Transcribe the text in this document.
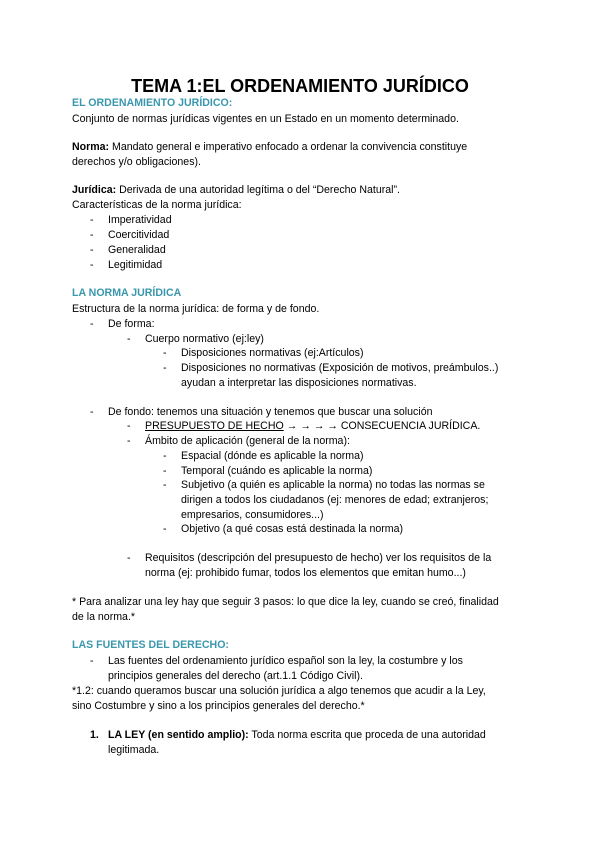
TEMA 1:EL ORDENAMIENTO JURÍDICO
EL ORDENAMIENTO JURÍDICO:
Conjunto de normas jurídicas vigentes en un Estado en un momento determinado.
Norma: Mandato general e imperativo enfocado a ordenar la convivencia constituye
derechos y/o obligaciones).
Jurídica: Derivada de una autoridad legítima o del “Derecho Natural”.
Características de la norma jurídica:
- Imperatividad
- Coercitividad
- Generalidad
- Legitimidad
LA NORMA JURÍDICA
Estructura de la norma jurídica: de forma y de fondo.
- De forma:
- Cuerpo normativo (ej:ley)
- Disposiciones normativas (ej:Artículos)
- Disposiciones no normativas (Exposición de motivos, preámbulos..)
ayudan a interpretar las disposiciones normativas.
- De fondo: tenemos una situación y tenemos que buscar una solución
- PRESUPUESTO DE HECHO → → → → CONSECUENCIA JURÍDICA.
- Ámbito de aplicación (general de la norma):
- Espacial (dónde es aplicable la norma)
- Temporal (cuándo es aplicable la norma)
- Subjetivo (a quién es aplicable la norma) no todas las normas se
dirigen a todos los ciudadanos (ej: menores de edad; extranjeros;
empresarios, consumidores...)
- Objetivo (a qué cosas está destinada la norma)
- Requisitos (descripción del presupuesto de hecho) ver los requisitos de la
norma (ej: prohibido fumar, todos los elementos que emitan humo...)
* Para analizar una ley hay que seguir 3 pasos: lo que dice la ley, cuando se creó, finalidad
de la norma.*
LAS FUENTES DEL DERECHO:
- Las fuentes del ordenamiento jurídico español son la ley, la costumbre y los
principios generales del derecho (art.1.1 Código Civil).
*1.2: cuando queramos buscar una solución jurídica a algo tenemos que acudir a la Ley,
sino Costumbre y sino a los principios generales del derecho.*
1. LA LEY (en sentido amplio): Toda norma escrita que proceda de una autoridad
legitimada.
